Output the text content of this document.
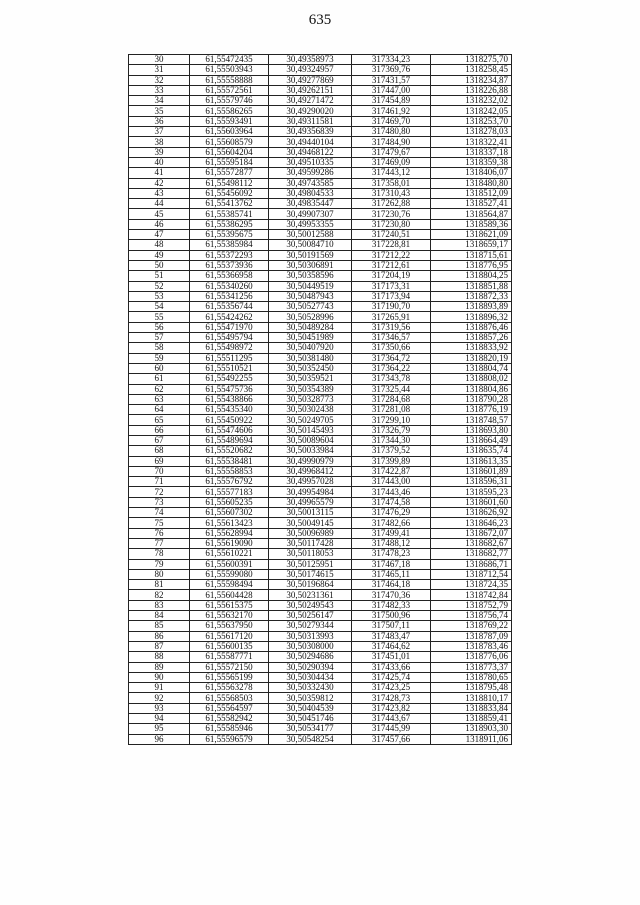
635
30	61,55472435	30,49358973	317334,23	1318275,70
31	61,55503943	30,49324957	317369,76	1318258,45
32	61,55558888	30,49277869	317431,57	1318234,87
33	61,55572561	30,49262151	317447,00	1318226,88
34	61,55579746	30,49271472	317454,89	1318232,02
35	61,55586265	30,49290020	317461,92	1318242,05
36	61,55593491	30,49311581	317469,70	1318253,70
37	61,55603964	30,49356839	317480,80	1318278,03
38	61,55608579	30,49440104	317484,90	1318322,41
39	61,55604204	30,49468122	317479,67	1318337,18
40	61,55595184	30,49510335	317469,09	1318359,38
41	61,55572877	30,49599286	317443,12	1318406,07
42	61,55498112	30,49743585	317358,01	1318480,80
43	61,55456092	30,49804533	317310,43	1318512,09
44	61,55413762	30,49835447	317262,88	1318527,41
45	61,55385741	30,49907307	317230,76	1318564,87
46	61,55386295	30,49953355	317230,80	1318589,36
47	61,55395675	30,50012588	317240,51	1318621,09
48	61,55385984	30,50084710	317228,81	1318659,17
49	61,55372293	30,50191569	317212,22	1318715,61
50	61,55373936	30,50306891	317212,61	1318776,95
51	61,55366958	30,50358596	317204,19	1318804,25
52	61,55340260	30,50449519	317173,31	1318851,88
53	61,55341256	30,50487943	317173,94	1318872,33
54	61,55356744	30,50527743	317190,70	1318893,89
55	61,55424262	30,50528996	317265,91	1318896,32
56	61,55471970	30,50489284	317319,56	1318876,46
57	61,55495794	30,50451989	317346,57	1318857,26
58	61,55498972	30,50407920	317350,66	1318833,92
59	61,55511295	30,50381480	317364,72	1318820,19
60	61,55510521	30,50352450	317364,22	1318804,74
61	61,55492255	30,50359521	317343,78	1318808,02
62	61,55475736	30,50354389	317325,44	1318804,86
63	61,55438866	30,50328773	317284,68	1318790,28
64	61,55435340	30,50302438	317281,08	1318776,19
65	61,55450922	30,50249705	317299,10	1318748,57
66	61,55474606	30,50145493	317326,79	1318693,80
67	61,55489694	30,50089604	317344,30	1318664,49
68	61,55520682	30,50033984	317379,52	1318635,74
69	61,55538481	30,49990979	317399,89	1318613,35
70	61,55558853	30,49968412	317422,87	1318601,89
71	61,55576792	30,49957028	317443,00	1318596,31
72	61,55577183	30,49954984	317443,46	1318595,23
73	61,55605235	30,49965579	317474,58	1318601,60
74	61,55607302	30,50013115	317476,29	1318626,92
75	61,55613423	30,50049145	317482,66	1318646,23
76	61,55628994	30,50096989	317499,41	1318672,07
77	61,55619090	30,50117428	317488,12	1318682,67
78	61,55610221	30,50118053	317478,23	1318682,77
79	61,55600391	30,50125951	317467,18	1318686,71
80	61,55599080	30,50174615	317465,11	1318712,54
81	61,55598494	30,50196864	317464,18	1318724,35
82	61,55604428	30,50231361	317470,36	1318742,84
83	61,55615375	30,50249543	317482,33	1318752,79
84	61,55632170	30,50256147	317500,96	1318756,74
85	61,55637950	30,50279344	317507,11	1318769,22
86	61,55617120	30,50313993	317483,47	1318787,09
87	61,55600135	30,50308000	317464,62	1318783,46
88	61,55587771	30,50294686	317451,01	1318776,06
89	61,55572150	30,50290394	317433,66	1318773,37
90	61,55565199	30,50304434	317425,74	1318780,65
91	61,55563278	30,50332430	317423,25	1318795,48
92	61,55568503	30,50359812	317428,73	1318810,17
93	61,55564597	30,50404539	317423,82	1318833,84
94	61,55582942	30,50451746	317443,67	1318859,41
95	61,55585946	30,50534177	317445,99	1318903,30
96	61,55596579	30,50548254	317457,66	1318911,06
